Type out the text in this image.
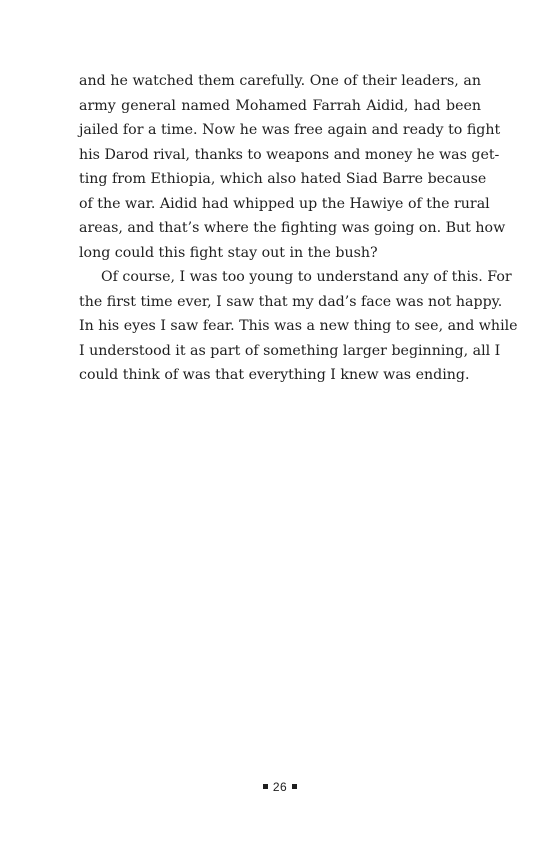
and he watched them carefully. One of their leaders, an
army general named Mohamed Farrah Aidid, had been
jailed for a time. Now he was free again and ready to fight
his Darod rival, thanks to weapons and money he was get-
ting from Ethiopia, which also hated Siad Barre because
of the war. Aidid had whipped up the Hawiye of the rural
areas, and that’s where the fighting was going on. But how
long could this fight stay out in the bush?

Of course, I was too young to understand any of this. For
the first time ever, I saw that my dad’s face was not happy.
In his eyes I saw fear. This was a new thing to see, and while
I understood it as part of something larger beginning, all I
could think of was that everything I knew was ending.

26
